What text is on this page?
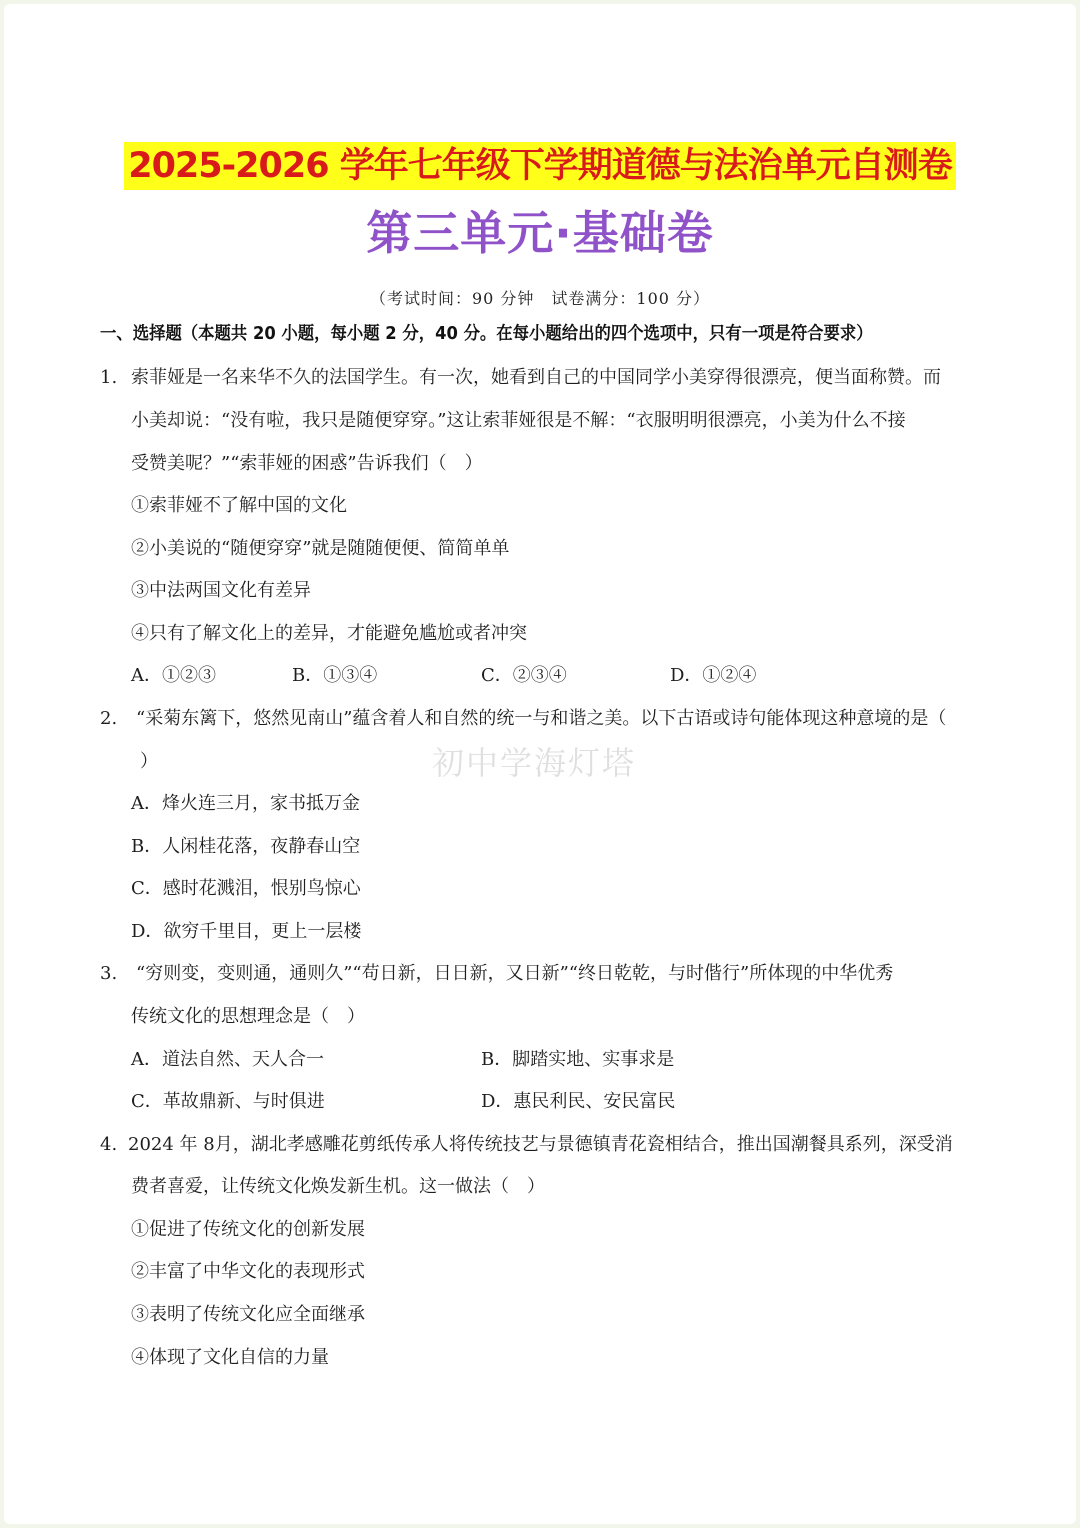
2025-2026 学年七年级下学期道德与法治单元自测卷
第三单元·基础卷
（考试时间：90 分钟　试卷满分：100 分）
一、选择题（本题共 20 小题，每小题 2 分，40 分。在每小题给出的四个选项中，只有一项是符合要求）
初中学海灯塔
1. 索菲娅是一名来华不久的法国学生。有一次，她看到自己的中国同学小美穿得很漂亮，便当面称赞。而
小美却说：“没有啦，我只是随便穿穿。”这让索菲娅很是不解：“衣服明明很漂亮，小美为什么不接
受赞美呢？”“索菲娅的困惑”告诉我们（　）
①索菲娅不了解中国的文化
②小美说的“随便穿穿”就是随随便便、简简单单
③中法两国文化有差异
④只有了解文化上的差异，才能避免尴尬或者冲突
A．①②③	B．①③④	C．②③④	D．①②④
2. “采菊东篱下，悠然见南山”蕴含着人和自然的统一与和谐之美。以下古语或诗句能体现这种意境的是（
）
A．烽火连三月，家书抵万金
B．人闲桂花落，夜静春山空
C．感时花溅泪，恨别鸟惊心
D．欲穷千里目，更上一层楼
3. “穷则变，变则通，通则久”“苟日新，日日新，又日新”“终日乾乾，与时偕行”所体现的中华优秀
传统文化的思想理念是（　）
A．道法自然、天人合一	B．脚踏实地、实事求是
C．革故鼎新、与时俱进	D．惠民利民、安民富民
4. 2024 年 8月，湖北孝感雕花剪纸传承人将传统技艺与景德镇青花瓷相结合，推出国潮餐具系列，深受消
费者喜爱，让传统文化焕发新生机。这一做法（　）
①促进了传统文化的创新发展
②丰富了中华文化的表现形式
③表明了传统文化应全面继承
④体现了文化自信的力量
